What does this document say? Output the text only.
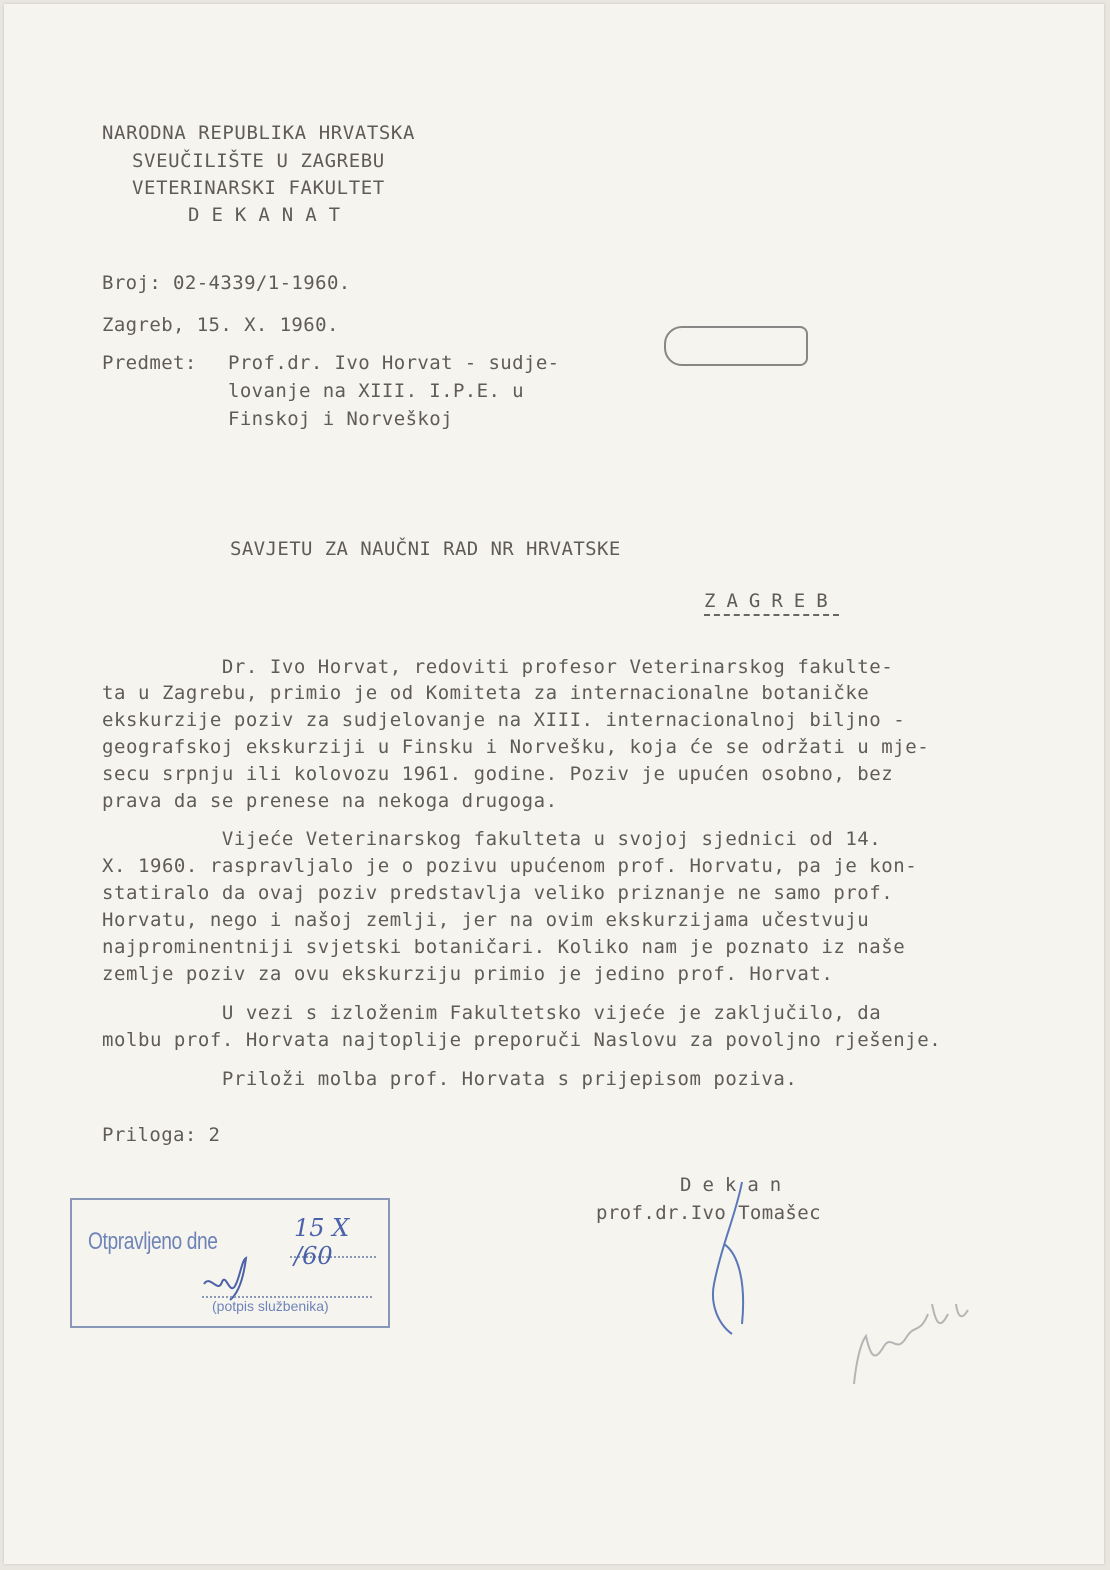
NARODNA REPUBLIKA HRVATSKA
SVEUČILIŠTE U ZAGREBU
VETERINARSKI FAKULTET
DEKANAT
Broj: 02-4339/1-1960.
Zagreb, 15. X. 1960.
Predmet: Prof.dr. Ivo Horvat - sudje-
lovanje na XIII. I.P.E. u
Finskoj i Norveškoj
SAVJETU ZA NAUČNI RAD NR HRVATSKE
ZAGREB
Dr. Ivo Horvat, redoviti profesor Veterinarskog fakulte-
ta u Zagrebu, primio je od Komiteta za internacionalne botaničke
ekskurzije poziv za sudjelovanje na XIII. internacionalnoj biljno -
geografskoj ekskurziji u Finsku i Norvešku, koja će se održati u mje-
secu srpnju ili kolovozu 1961. godine. Poziv je upućen osobno, bez
prava da se prenese na nekoga drugoga.
Vijeće Veterinarskog fakulteta u svojoj sjednici od 14.
X. 1960. raspravljalo je o pozivu upućenom prof. Horvatu, pa je kon-
statiralo da ovaj poziv predstavlja veliko priznanje ne samo prof.
Horvatu, nego i našoj zemlji, jer na ovim ekskurzijama učestvuju
najprominentniji svjetski botaničari. Koliko nam je poznato iz naše
zemlje poziv za ovu ekskurziju primio je jedino prof. Horvat.
U vezi s izloženim Fakultetsko vijeće je zaključilo, da
molbu prof. Horvata najtoplije preporuči Naslovu za povoljno rješenje.
Priloži molba prof. Horvata s prijepisom poziva.
Priloga: 2
Dekan
prof.dr.Ivo Tomašec
Otpravljeno dne	15 X /60
(potpis službenika)
